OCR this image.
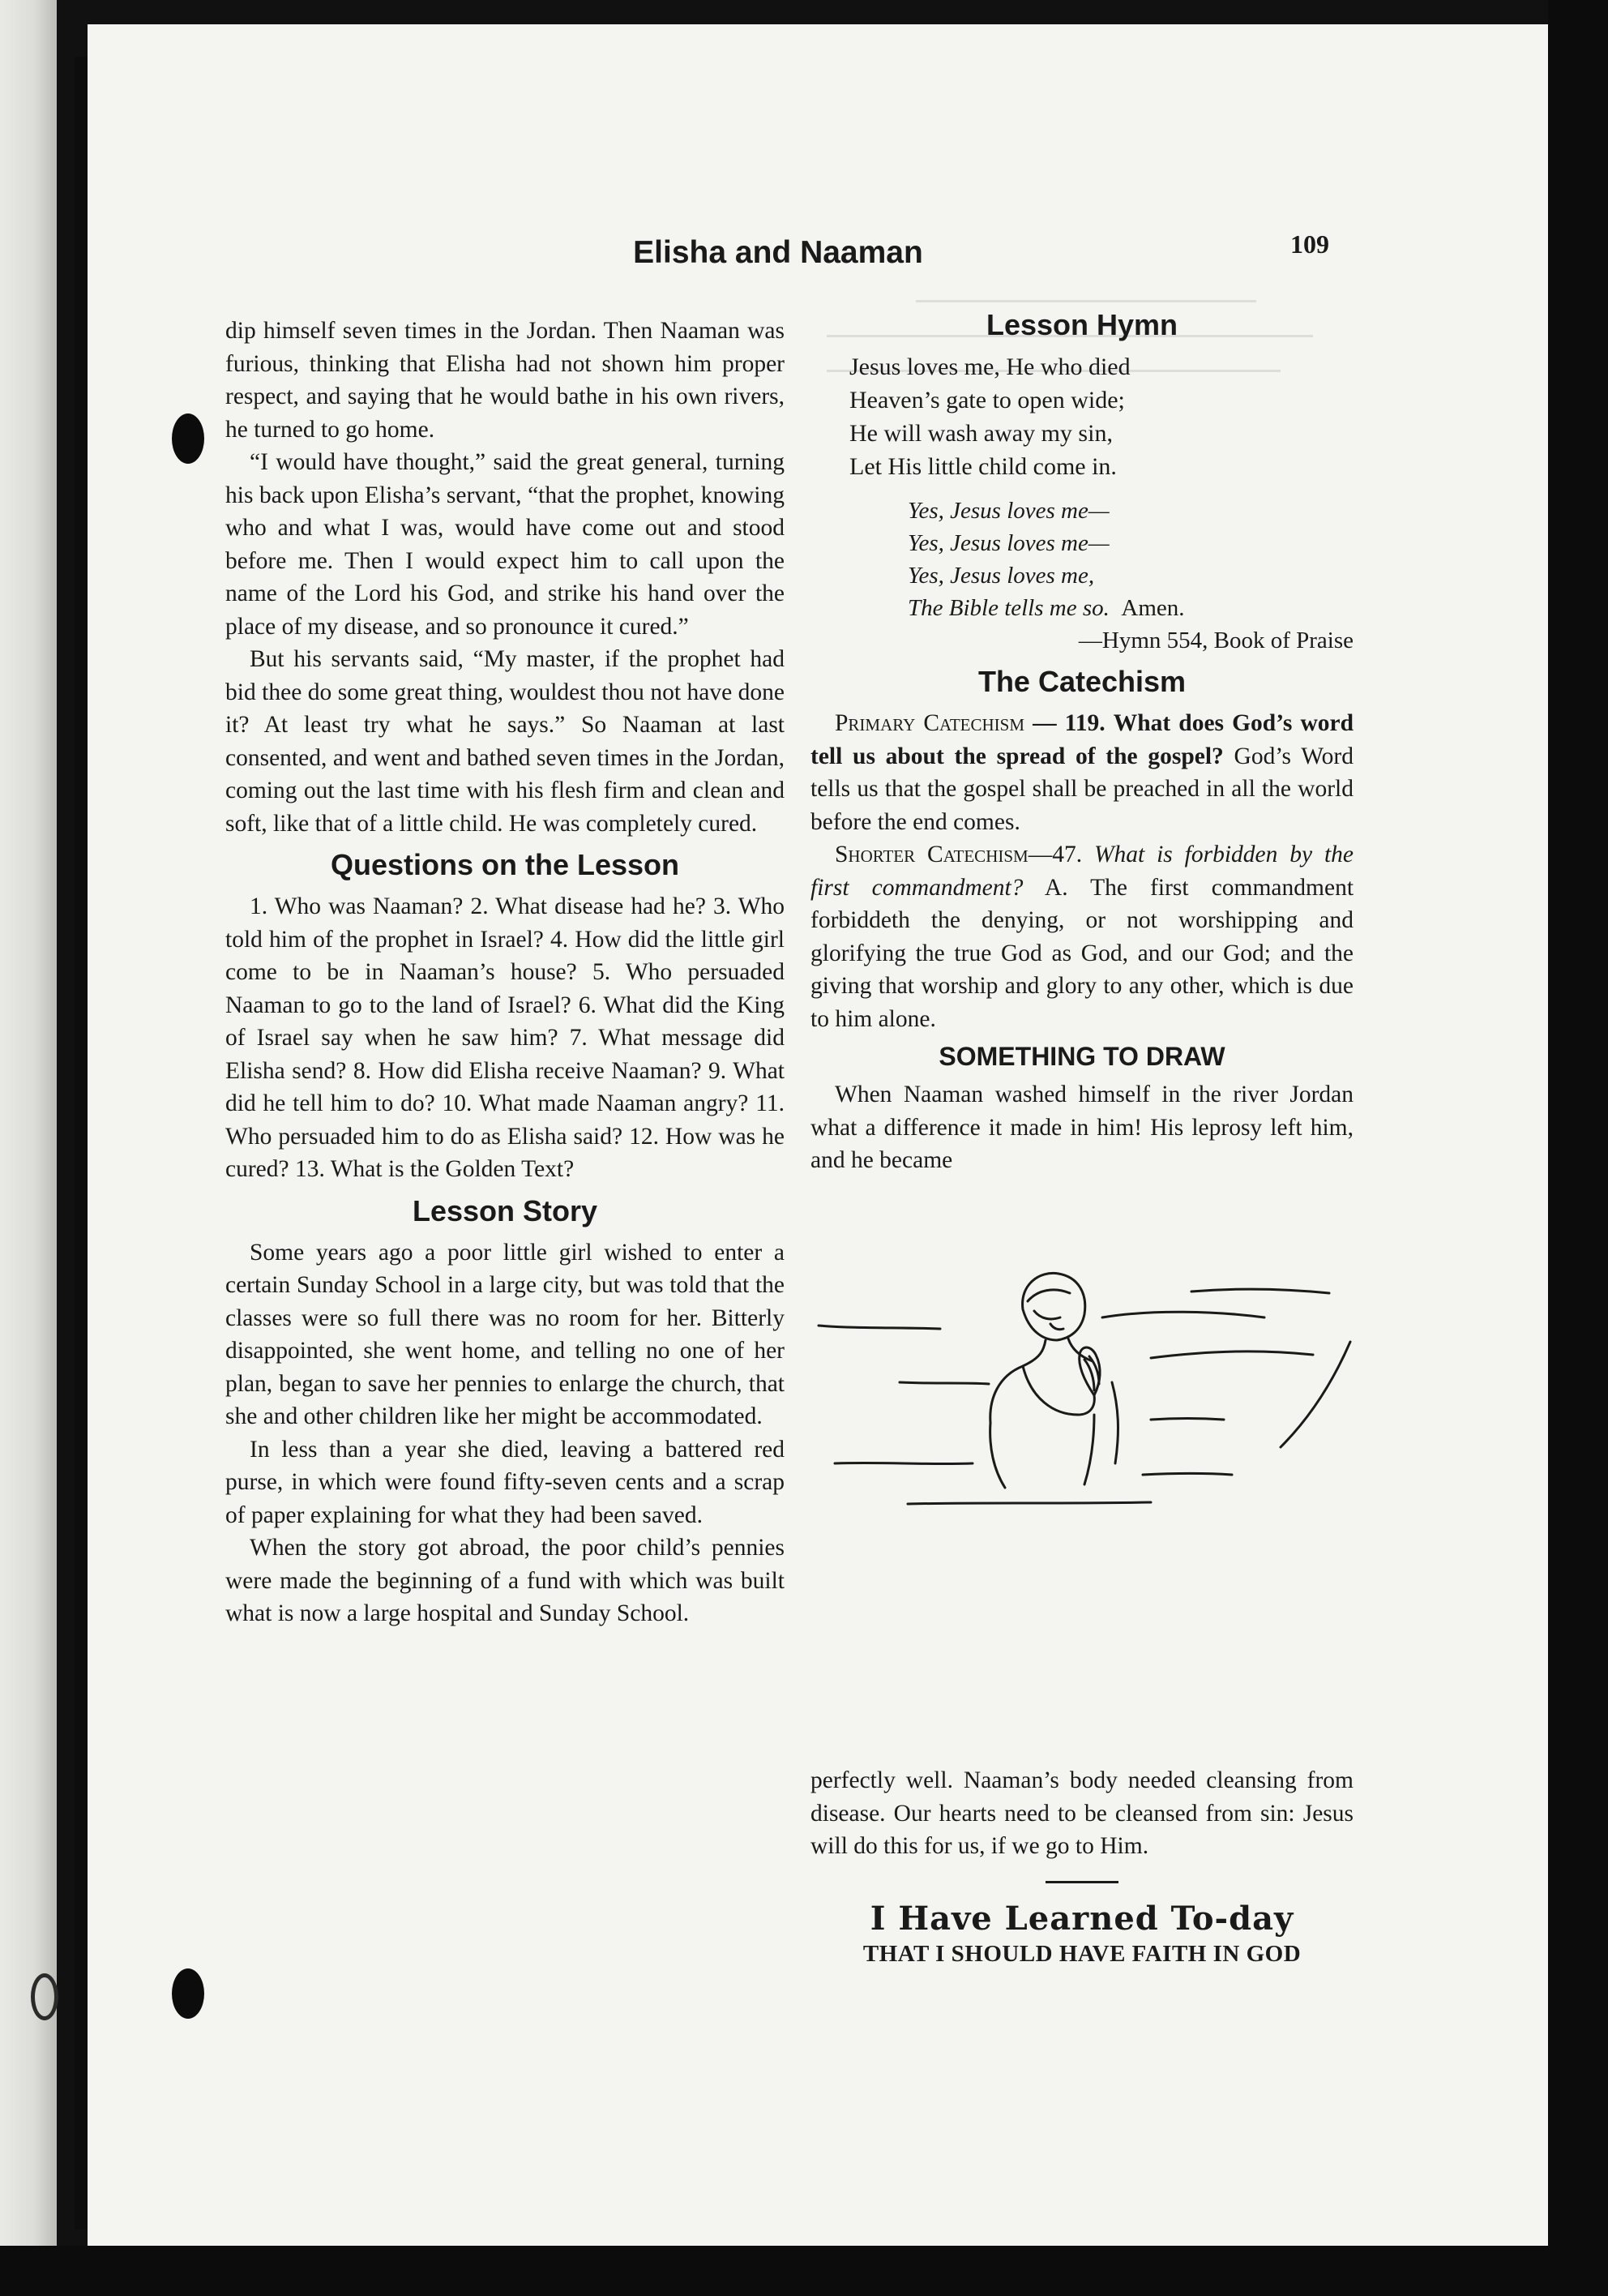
Elisha and Naaman	109

dip himself seven times in the Jordan. Then Naaman was furious, thinking that Elisha had not shown him proper respect, and saying that he would bathe in his own rivers, he turned to go home.

“I would have thought,” said the great general, turning his back upon Elisha’s servant, “that the prophet, knowing who and what I was, would have come out and stood before me. Then I would expect him to call upon the name of the Lord his God, and strike his hand over the place of my disease, and so pronounce it cured.”

But his servants said, “My master, if the prophet had bid thee do some great thing, wouldest thou not have done it? At least try what he says.” So Naaman at last consented, and went and bathed seven times in the Jordan, coming out the last time with his flesh firm and clean and soft, like that of a little child. He was completely cured.

Questions on the Lesson

1. Who was Naaman? 2. What disease had he? 3. Who told him of the prophet in Israel? 4. How did the little girl come to be in Naaman’s house? 5. Who persuaded Naaman to go to the land of Israel? 6. What did the King of Israel say when he saw him? 7. What message did Elisha send? 8. How did Elisha receive Naaman? 9. What did he tell him to do? 10. What made Naaman angry? 11. Who persuaded him to do as Elisha said? 12. How was he cured? 13. What is the Golden Text?

Lesson Story

Some years ago a poor little girl wished to enter a certain Sunday School in a large city, but was told that the classes were so full there was no room for her. Bitterly disappointed, she went home, and telling no one of her plan, began to save her pennies to enlarge the church, that she and other children like her might be accommodated.

In less than a year she died, leaving a battered red purse, in which were found fifty-seven cents and a scrap of paper explaining for what they had been saved.

When the story got abroad, the poor child’s pennies were made the beginning of a fund with which was built what is now a large hospital and Sunday School.

Lesson Hymn

Jesus loves me, He who died

Heaven’s gate to open wide;

He will wash away my sin,

Let His little child come in.

Yes, Jesus loves me—

Yes, Jesus loves me—

Yes, Jesus loves me,

The Bible tells me so. Amen.

—Hymn 554, Book of Praise

The Catechism

Primary Catechism — 119. What does God’s word tell us about the spread of the gospel? God’s Word tells us that the gospel shall be preached in all the world before the end comes.

Shorter Catechism—47. What is forbidden by the first commandment? A. The first commandment forbiddeth the denying, or not worshipping and glorifying the true God as God, and our God; and the giving that worship and glory to any other, which is due to him alone.

SOMETHING TO DRAW

When Naaman washed himself in the river Jordan what a difference it made in him! His leprosy left him, and he became

perfectly well. Naaman’s body needed cleansing from disease. Our hearts need to be cleansed from sin: Jesus will do this for us, if we go to Him.

I Have Learned To-day

THAT I SHOULD HAVE FAITH IN GOD
